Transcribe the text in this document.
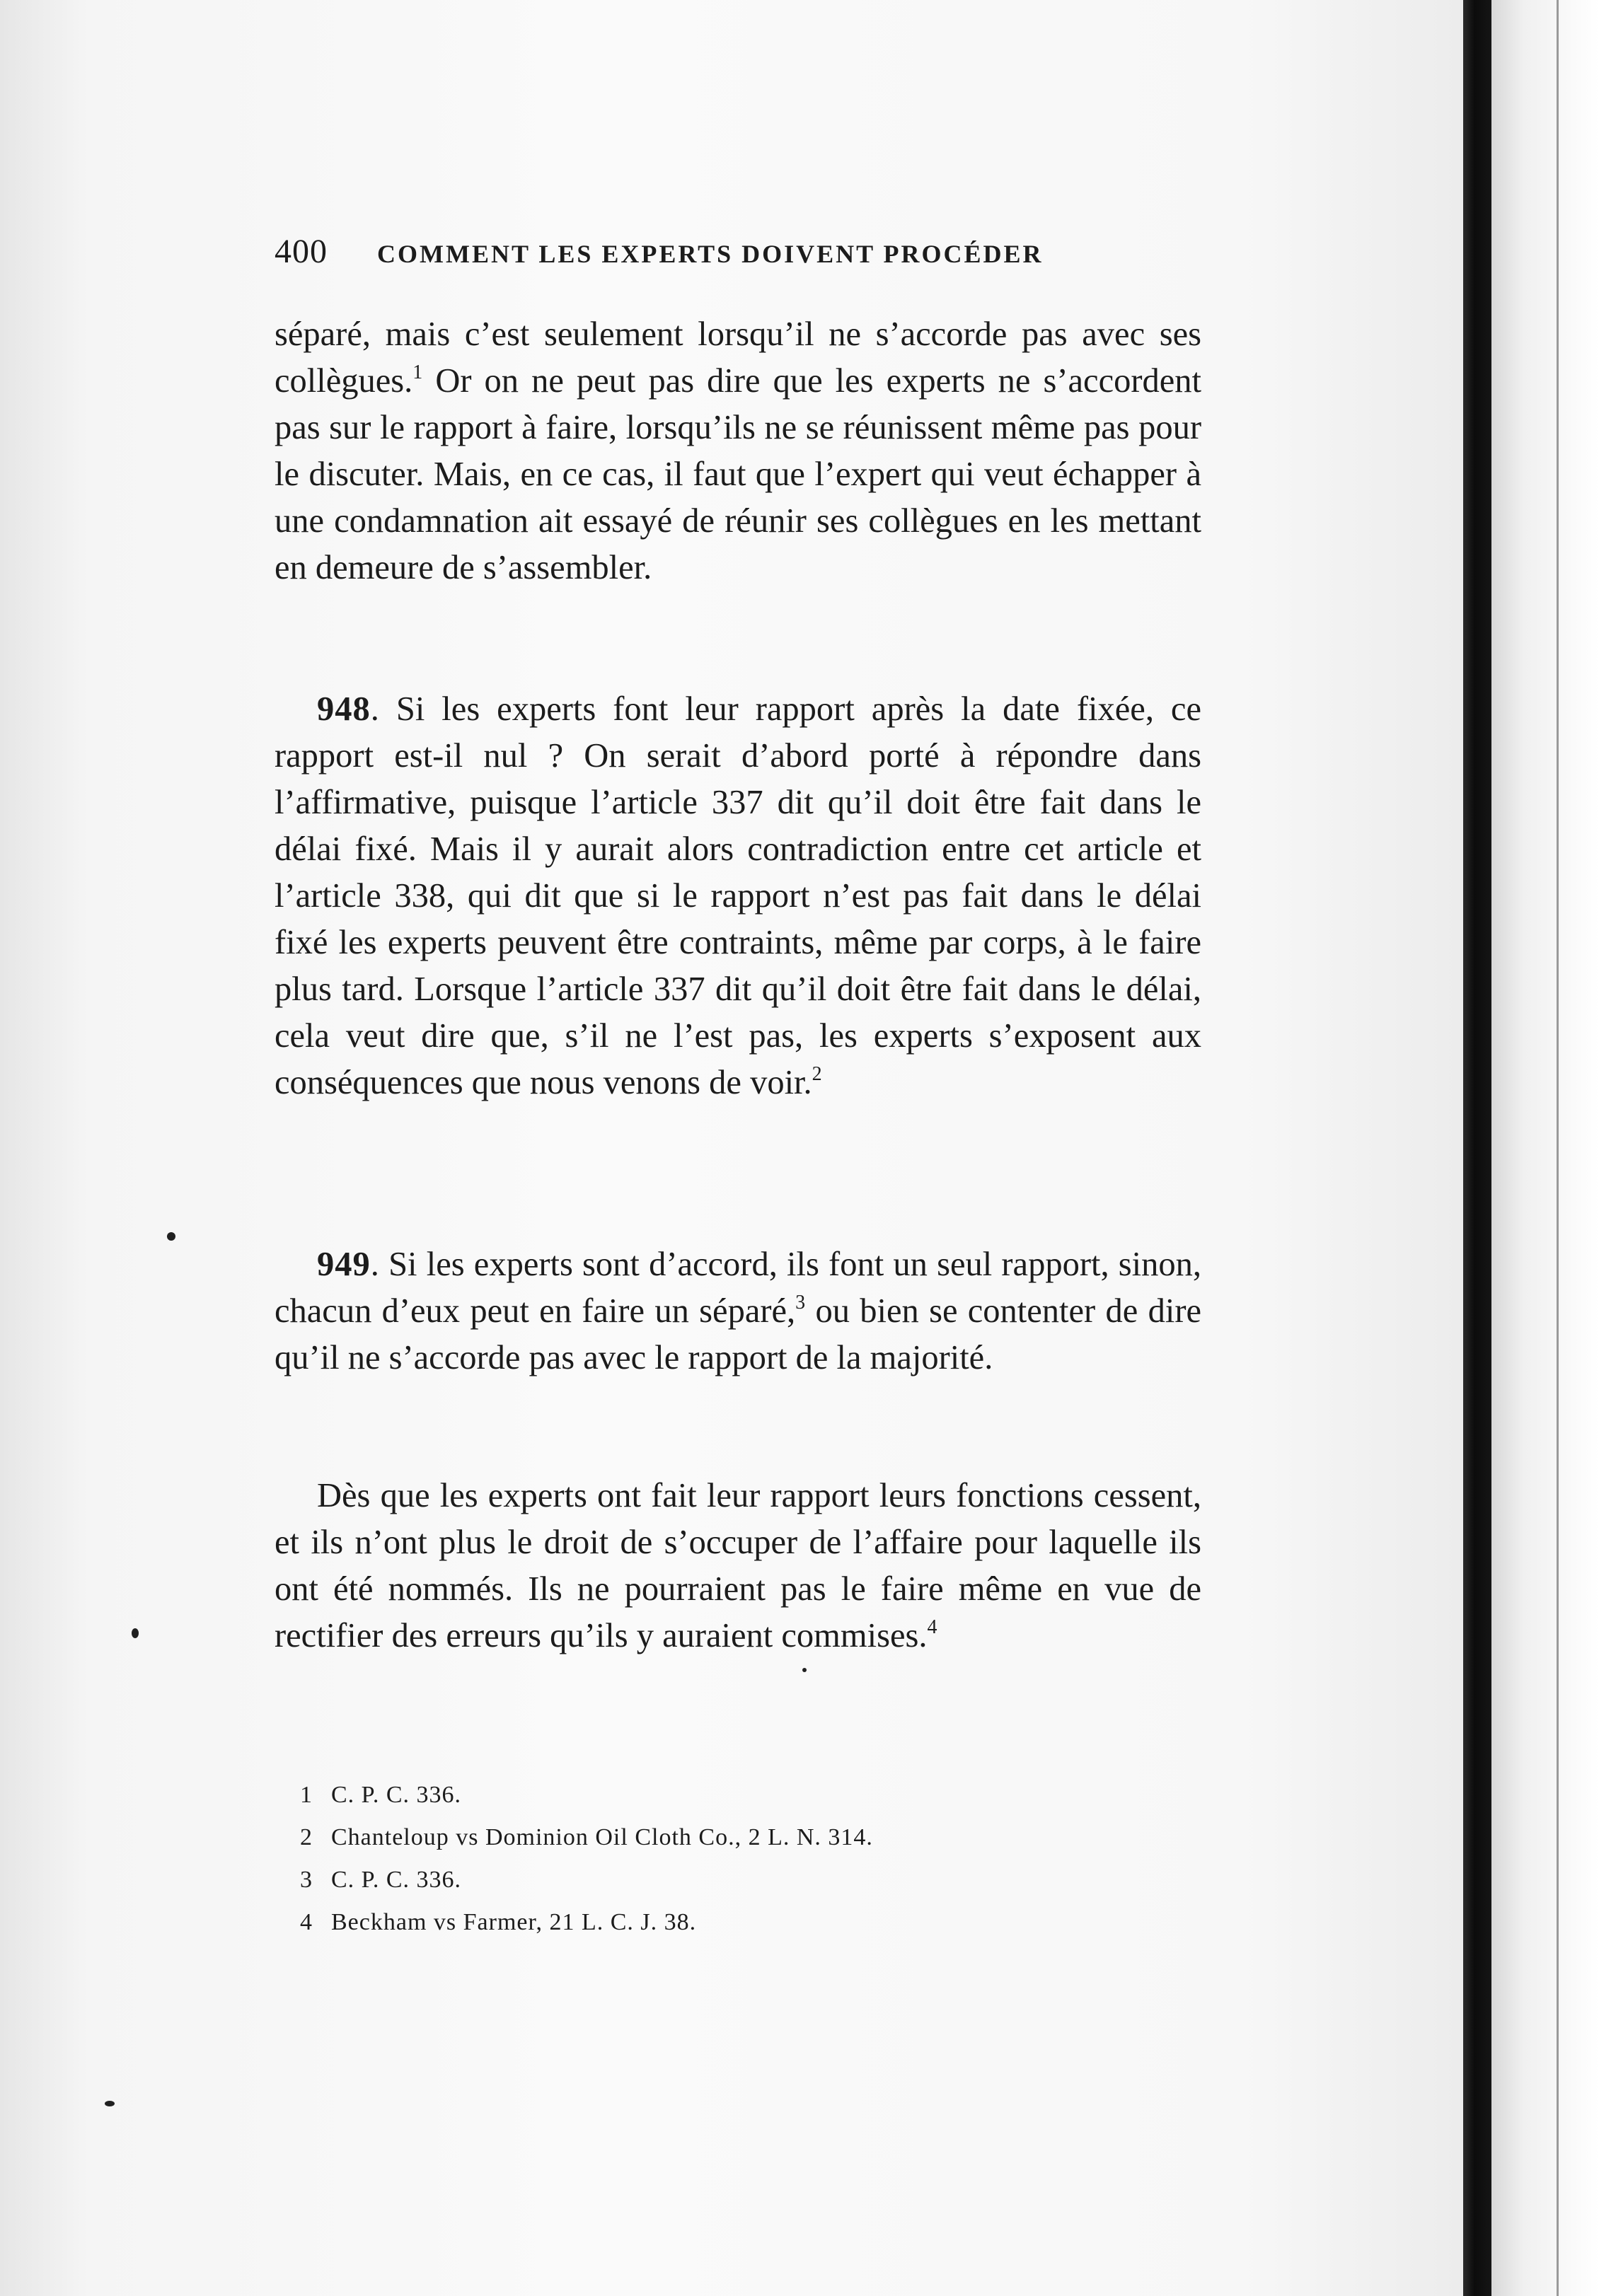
400 COMMENT LES EXPERTS DOIVENT PROCÉDER

séparé, mais c’est seulement lorsqu’il ne s’accorde pas avec ses collègues.$^1$ Or on ne peut pas dire que les experts ne s’accordent pas sur le rapport à faire, lorsqu’ils ne se réunissent même pas pour le discuter. Mais, en ce cas, il faut que l’expert qui veut échapper à une condamnation ait essayé de réunir ses collègues en les mettant en demeure de s’assembler.

948. Si les experts font leur rapport après la date fixée, ce rapport est-il nul ? On serait d’abord porté à répondre dans l’affirmative, puisque l’article 337 dit qu’il doit être fait dans le délai fixé. Mais il y aurait alors contradiction entre cet article et l’article 338, qui dit que si le rapport n’est pas fait dans le délai fixé les experts peuvent être contraints, même par corps, à le faire plus tard. Lorsque l’article 337 dit qu’il doit être fait dans le délai, cela veut dire que, s’il ne l’est pas, les experts s’exposent aux conséquences que nous venons de voir.$^2$

949. Si les experts sont d’accord, ils font un seul rapport, sinon, chacun d’eux peut en faire un séparé,$^3$ ou bien se contenter de dire qu’il ne s’accorde pas avec le rapport de la majorité.

Dès que les experts ont fait leur rapport leurs fonctions cessent, et ils n’ont plus le droit de s’occuper de l’affaire pour laquelle ils ont été nommés. Ils ne pourraient pas le faire même en vue de rectifier des erreurs qu’ils y auraient commises.$^4$

1 C. P. C. 336.
2 Chanteloup vs Dominion Oil Cloth Co., 2 L. N. 314.
3 C. P. C. 336.
4 Beckham vs Farmer, 21 L. C. J. 38.
